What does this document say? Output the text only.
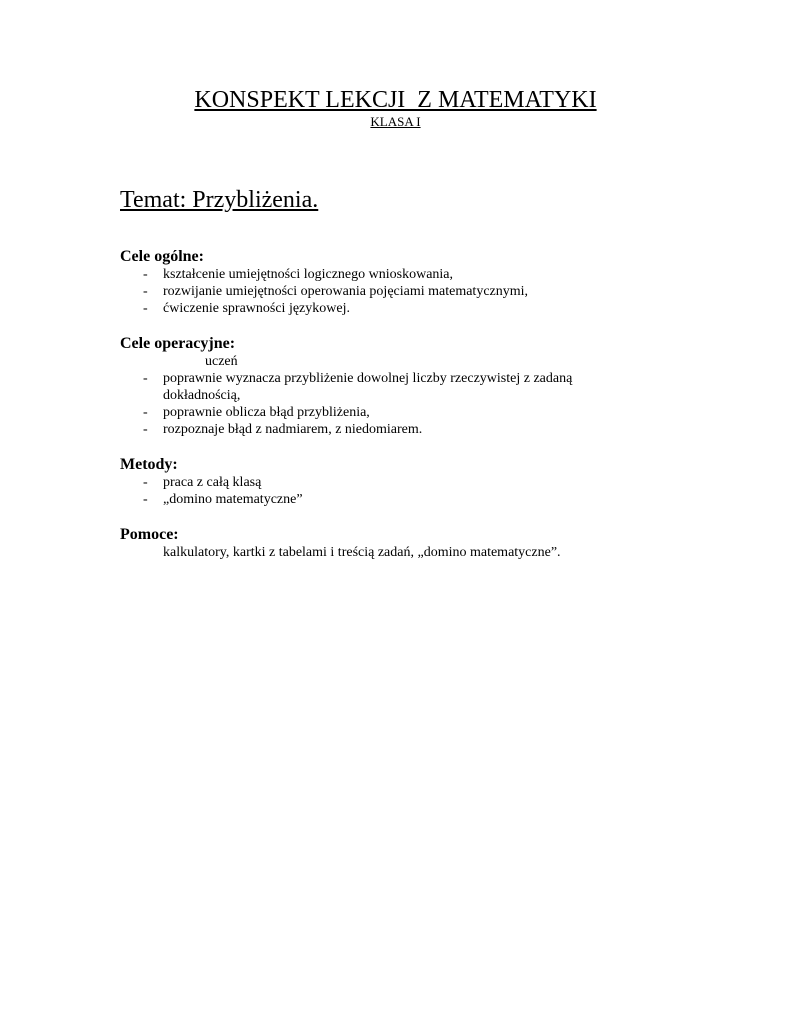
KONSPEKT LEKCJI  Z MATEMATYKI
KLASA I
Temat: Przybliżenia.
Cele ogólne:
- kształcenie umiejętności logicznego wnioskowania,
- rozwijanie umiejętności operowania pojęciami matematycznymi,
- ćwiczenie sprawności językowej.
Cele operacyjne:
uczeń
- poprawnie wyznacza przybliżenie dowolnej liczby rzeczywistej z zadaną dokładnością,
- poprawnie oblicza błąd przybliżenia,
- rozpoznaje błąd z nadmiarem, z niedomiarem.
Metody:
- praca z całą klasą
- „domino matematyczne”
Pomoce:
kalkulatory, kartki z tabelami i treścią zadań, „domino matematyczne”.
